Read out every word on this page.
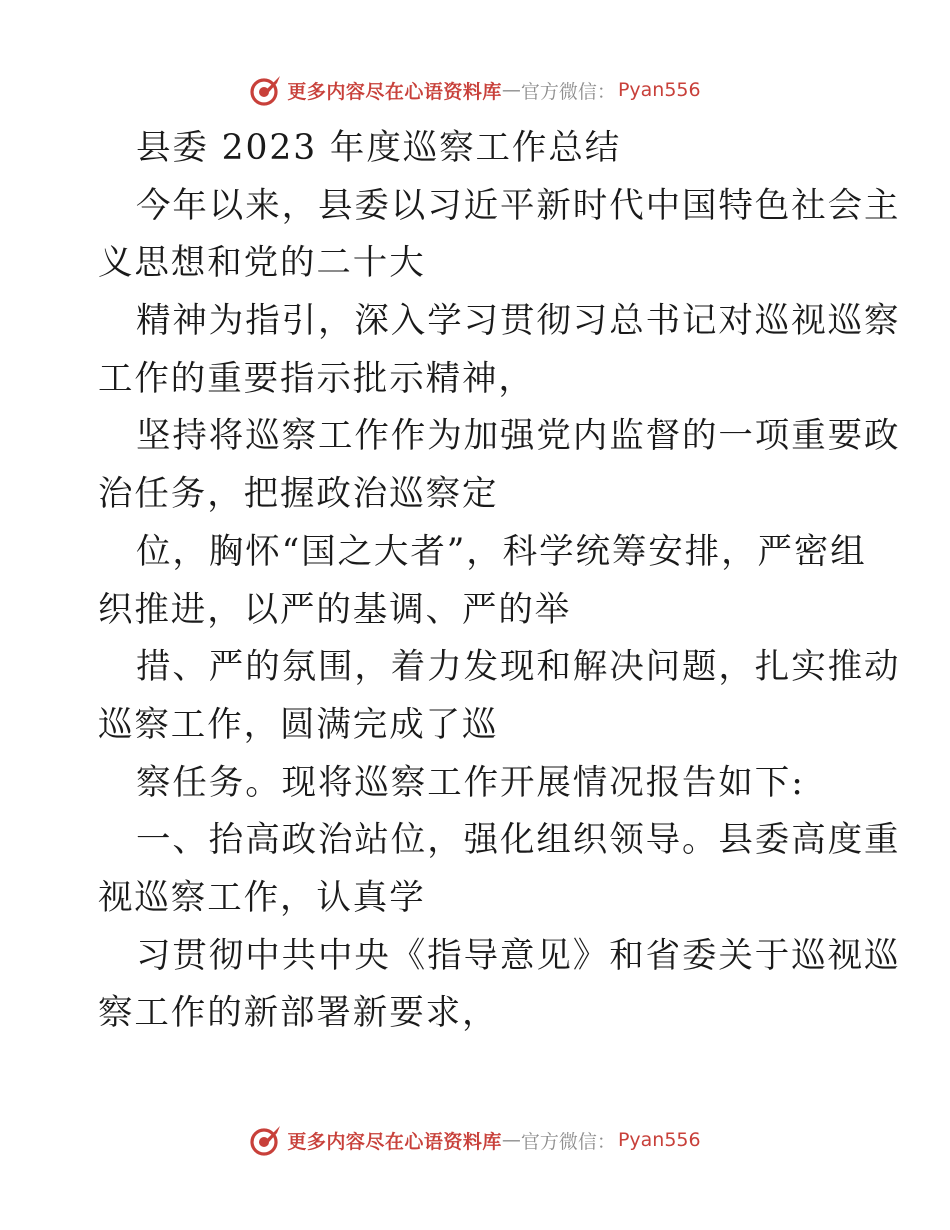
更多内容尽在心语资料库 — 官方微信： Pyan556
县委 2023 年度巡察工作总结
今年以来，县委以习近平新时代中国特色社会主
义思想和党的二十大
精神为指引，深入学习贯彻习总书记对巡视巡察
工作的重要指示批示精神，
坚持将巡察工作作为加强党内监督的一项重要政
治任务，把握政治巡察定
位，胸怀“国之大者”，科学统筹安排，严密组
织推进，以严的基调、严的举
措、严的氛围，着力发现和解决问题，扎实推动
巡察工作，圆满完成了巡
察任务。现将巡察工作开展情况报告如下:
一、抬高政治站位，强化组织领导。县委高度重
视巡察工作，认真学
习贯彻中共中央《指导意见》和省委关于巡视巡
察工作的新部署新要求，
更多内容尽在心语资料库 — 官方微信： Pyan556
